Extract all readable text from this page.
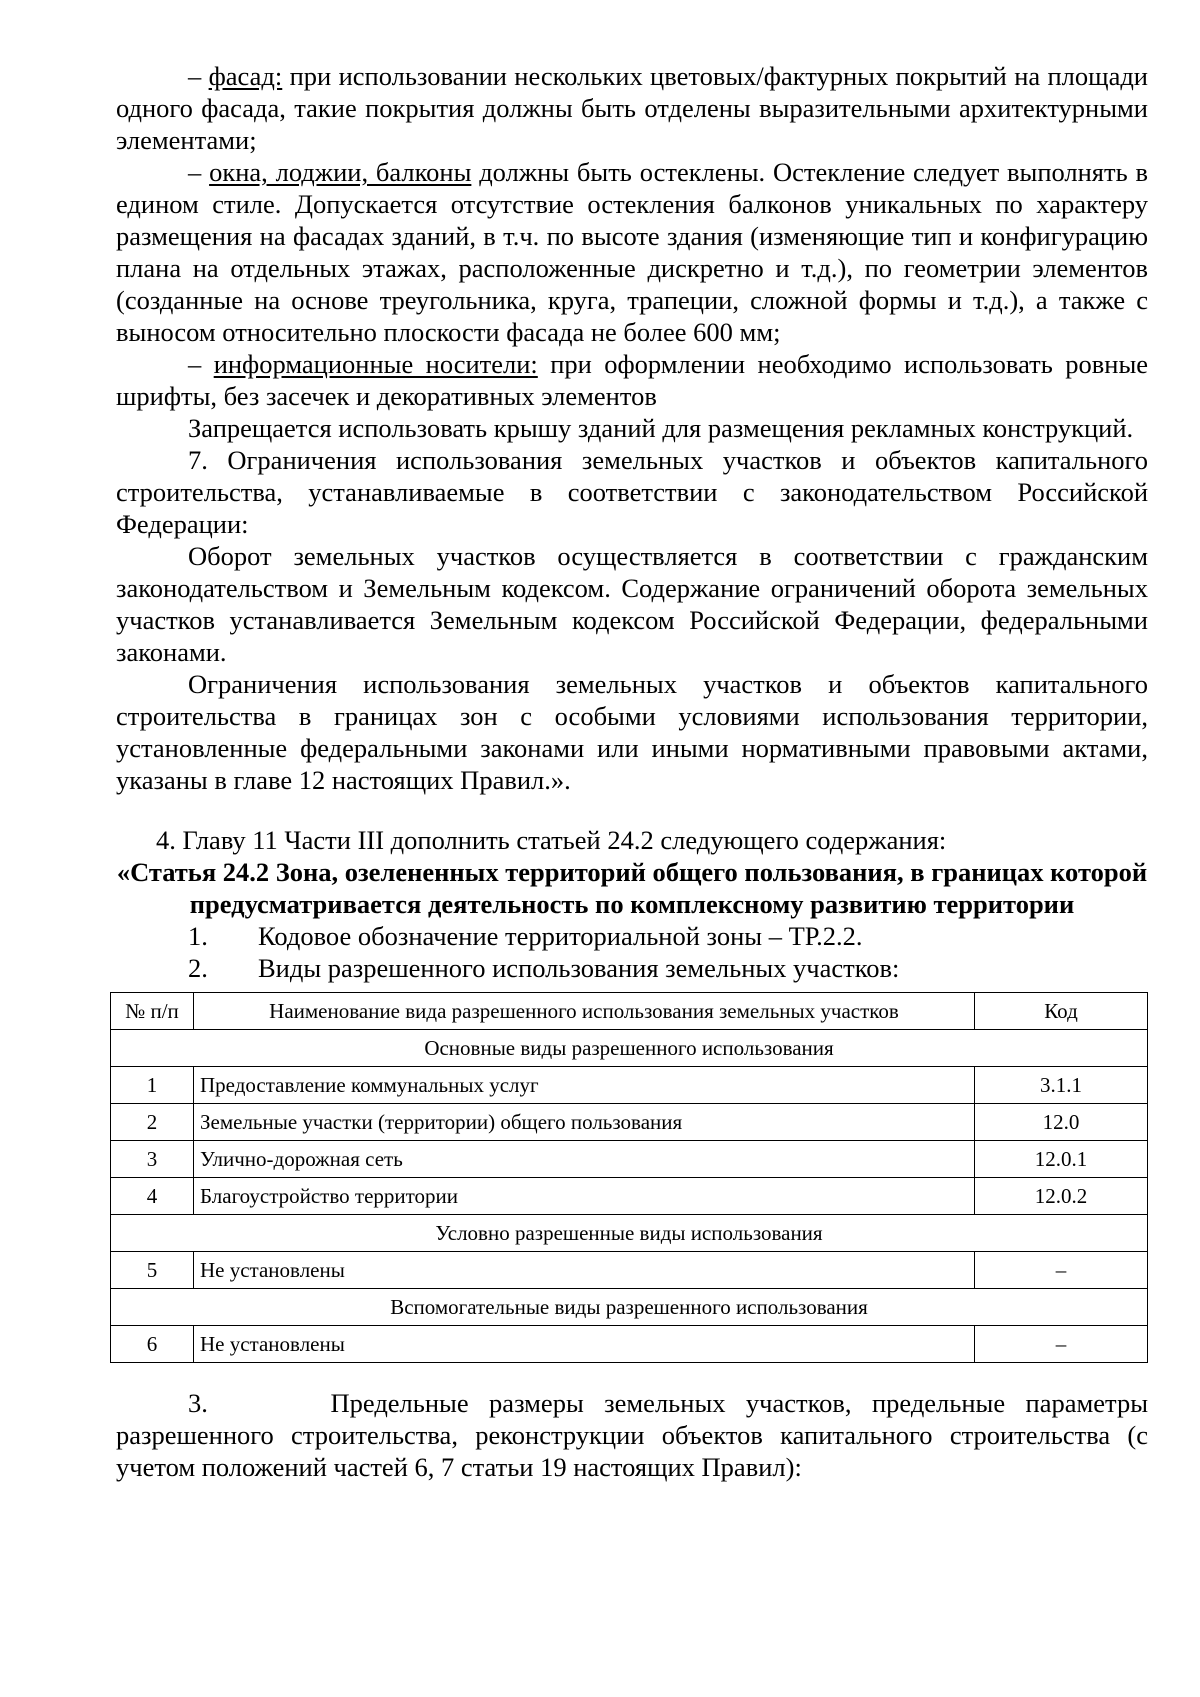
– фасад: при использовании нескольких цветовых/фактурных покрытий на площади одного фасада, такие покрытия должны быть отделены выразительными архитектурными элементами;

– окна, лоджии, балконы должны быть остеклены. Остекление следует выполнять в едином стиле. Допускается отсутствие остекления балконов уникальных по характеру размещения на фасадах зданий, в т.ч. по высоте здания (изменяющие тип и конфигурацию плана на отдельных этажах, расположенные дискретно и т.д.), по геометрии элементов (созданные на основе треугольника, круга, трапеции, сложной формы и т.д.), а также с выносом относительно плоскости фасада не более 600 мм;

– информационные носители: при оформлении необходимо использовать ровные шрифты, без засечек и декоративных элементов

Запрещается использовать крышу зданий для размещения рекламных конструкций.

7. Ограничения использования земельных участков и объектов капитального строительства, устанавливаемые в соответствии с законодательством Российской Федерации:

Оборот земельных участков осуществляется в соответствии с гражданским законодательством и Земельным кодексом. Содержание ограничений оборота земельных участков устанавливается Земельным кодексом Российской Федерации, федеральными законами.

Ограничения использования земельных участков и объектов капитального строительства в границах зон с особыми условиями использования территории, установленные федеральными законами или иными нормативными правовыми актами, указаны в главе 12 настоящих Правил.».

4. Главу 11 Части III дополнить статьей 24.2 следующего содержания:

«Статья 24.2 Зона, озелененных территорий общего пользования, в границах которой предусматривается деятельность по комплексному развитию территории

1.	Кодовое обозначение территориальной зоны – ТР.2.2.

2.	Виды разрешенного использования земельных участков:

№ п/п	Наименование вида разрешенного использования земельных участков	Код
Основные виды разрешенного использования		
1	Предоставление коммунальных услуг	3.1.1
2	Земельные участки (территории) общего пользования	12.0
3	Улично-дорожная сеть	12.0.1
4	Благоустройство территории	12.0.2
Условно разрешенные виды использования		
5	Не установлены	–
Вспомогательные виды разрешенного использования		
6	Не установлены	–

3.	Предельные размеры земельных участков, предельные параметры разрешенного строительства, реконструкции объектов капитального строительства (с учетом положений частей 6, 7 статьи 19 настоящих Правил):
